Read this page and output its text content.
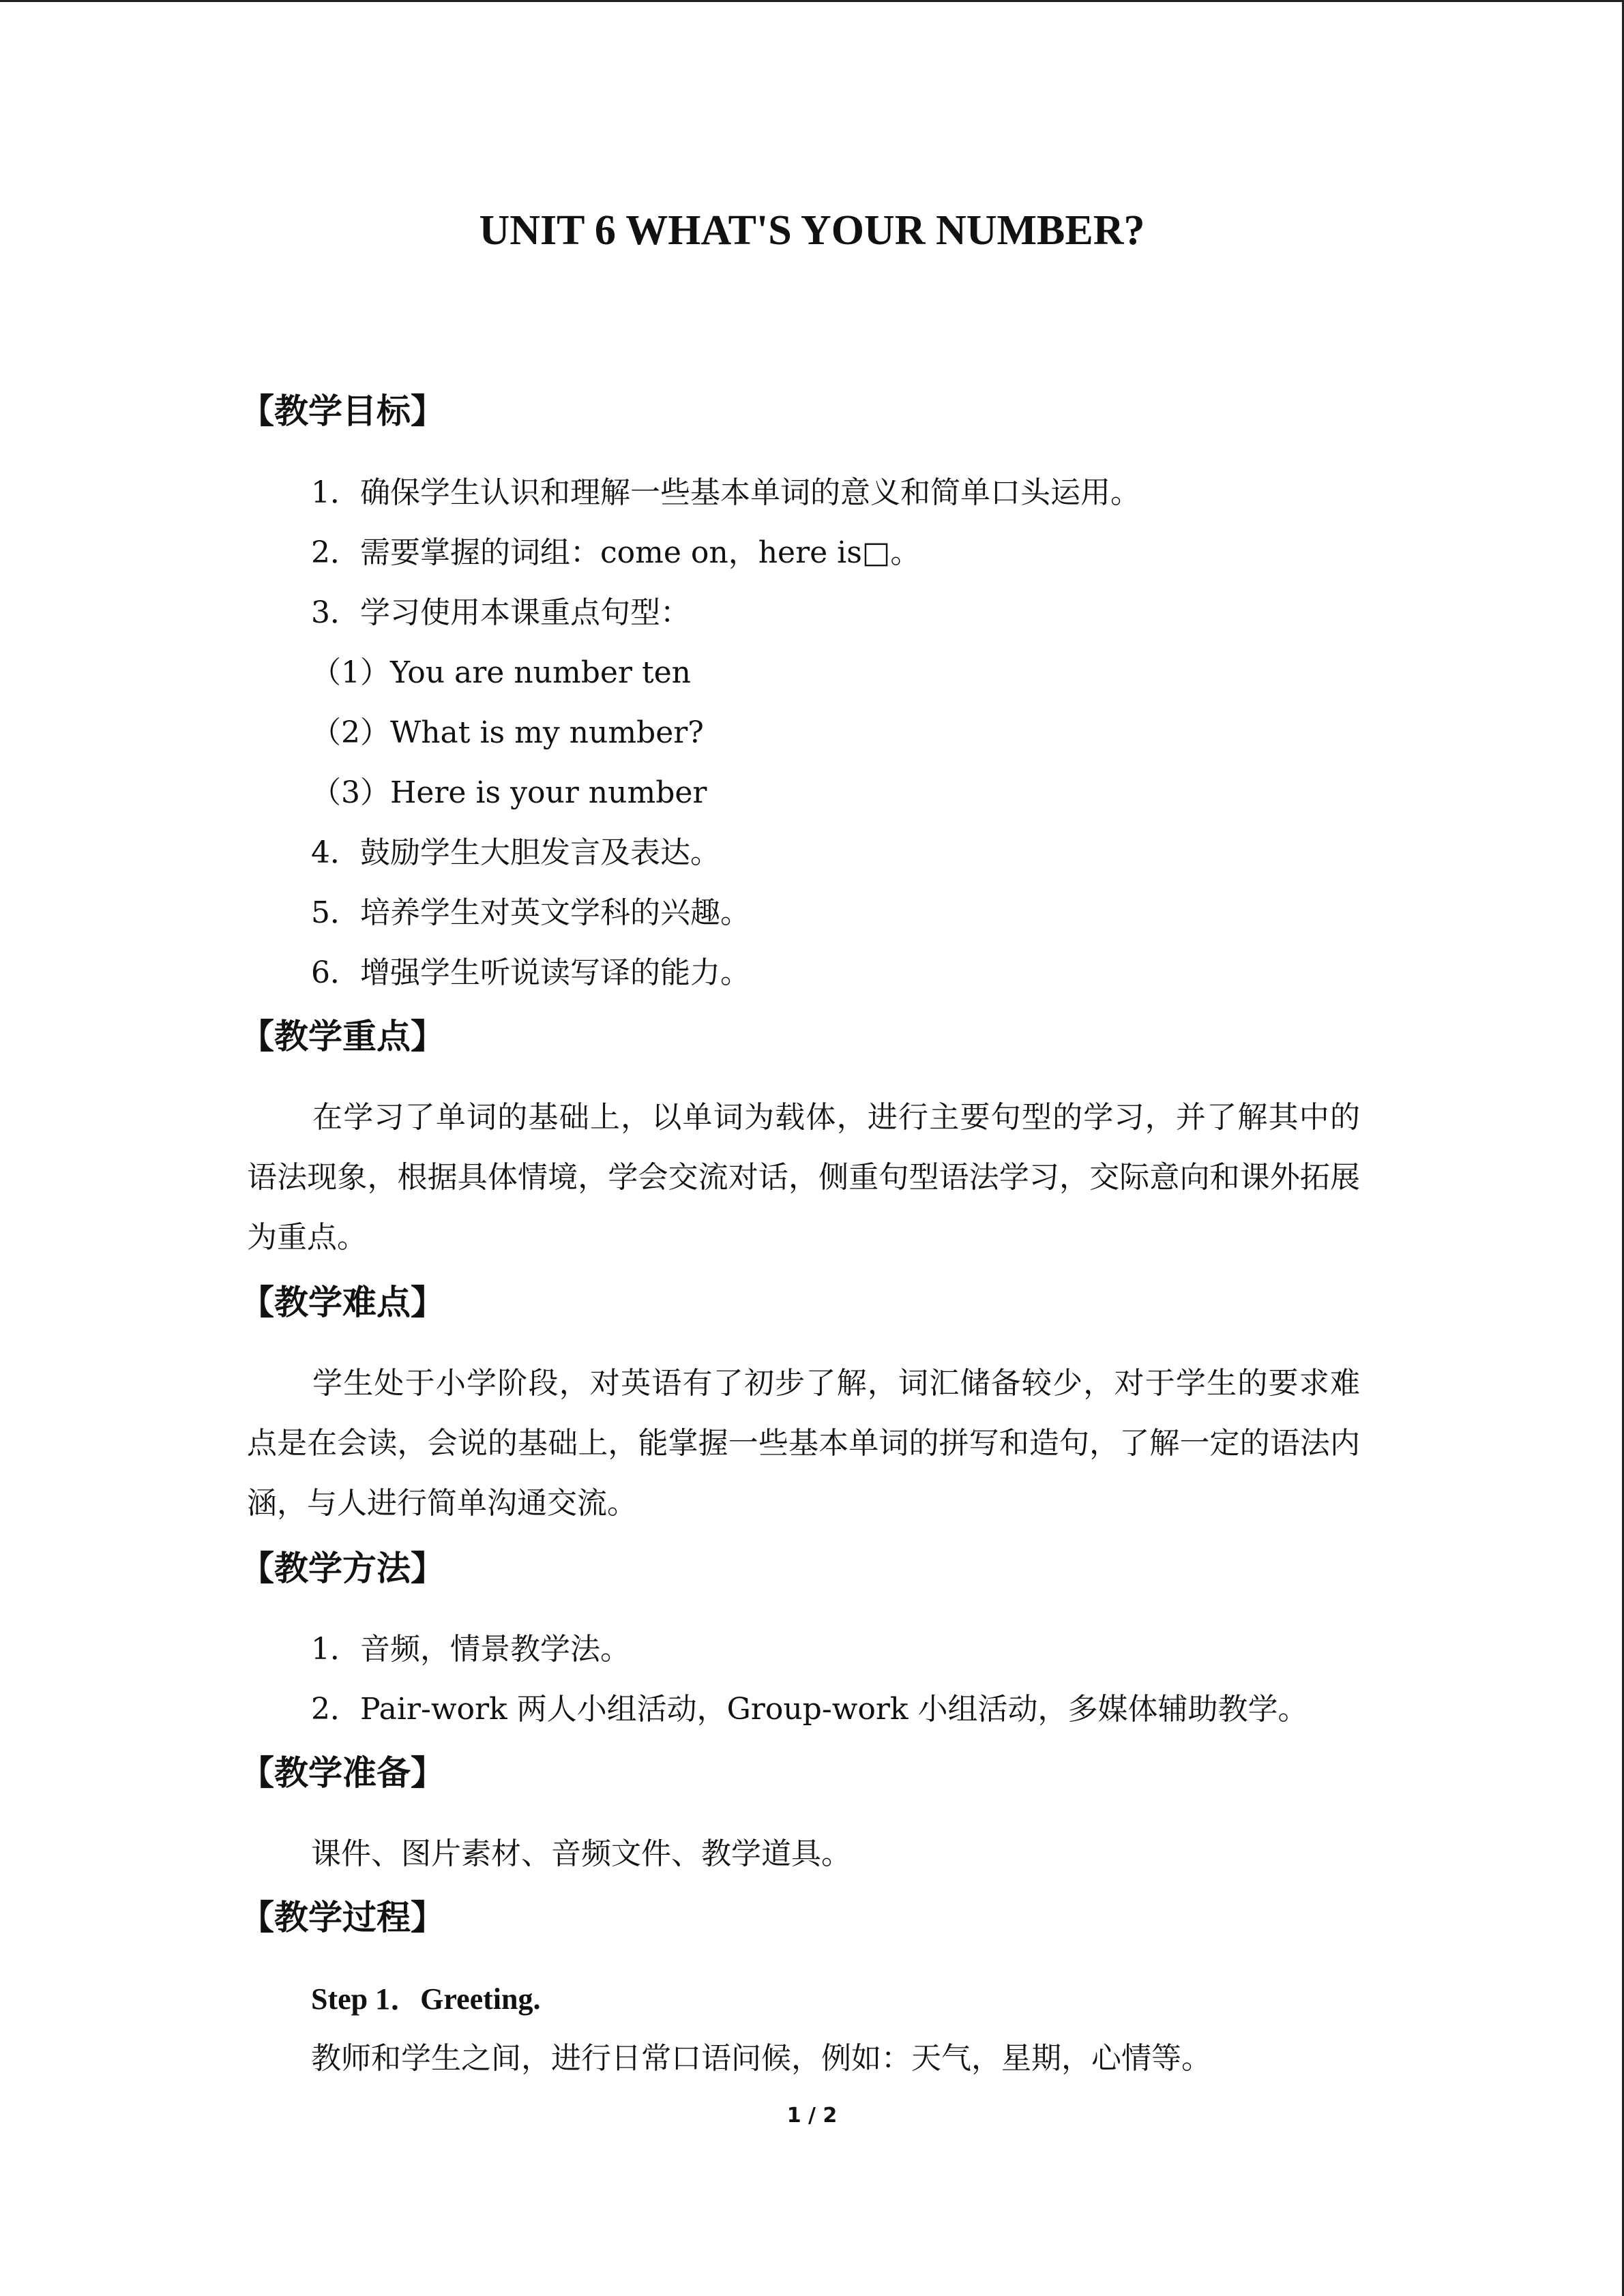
UNIT 6 WHAT'S YOUR NUMBER?
【教学目标】
1．确保学生认识和理解一些基本单词的意义和简单口头运用。
2．需要掌握的词组：come on，here is□。
3．学习使用本课重点句型：
（1）You are number ten
（2）What is my number?
（3）Here is your number
4．鼓励学生大胆发言及表达。
5．培养学生对英文学科的兴趣。
6．增强学生听说读写译的能力。
【教学重点】
在学习了单词的基础上，以单词为载体，进行主要句型的学习，并了解其中的语法现象，根据具体情境，学会交流对话，侧重句型语法学习，交际意向和课外拓展为重点。
【教学难点】
学生处于小学阶段，对英语有了初步了解，词汇储备较少，对于学生的要求难点是在会读，会说的基础上，能掌握一些基本单词的拼写和造句，了解一定的语法内涵，与人进行简单沟通交流。
【教学方法】
1．音频，情景教学法。
2．Pair-work 两人小组活动，Group-work 小组活动，多媒体辅助教学。
【教学准备】
课件、图片素材、音频文件、教学道具。
【教学过程】
Step 1．Greeting.
教师和学生之间，进行日常口语问候，例如：天气，星期，心情等。
1 / 2
